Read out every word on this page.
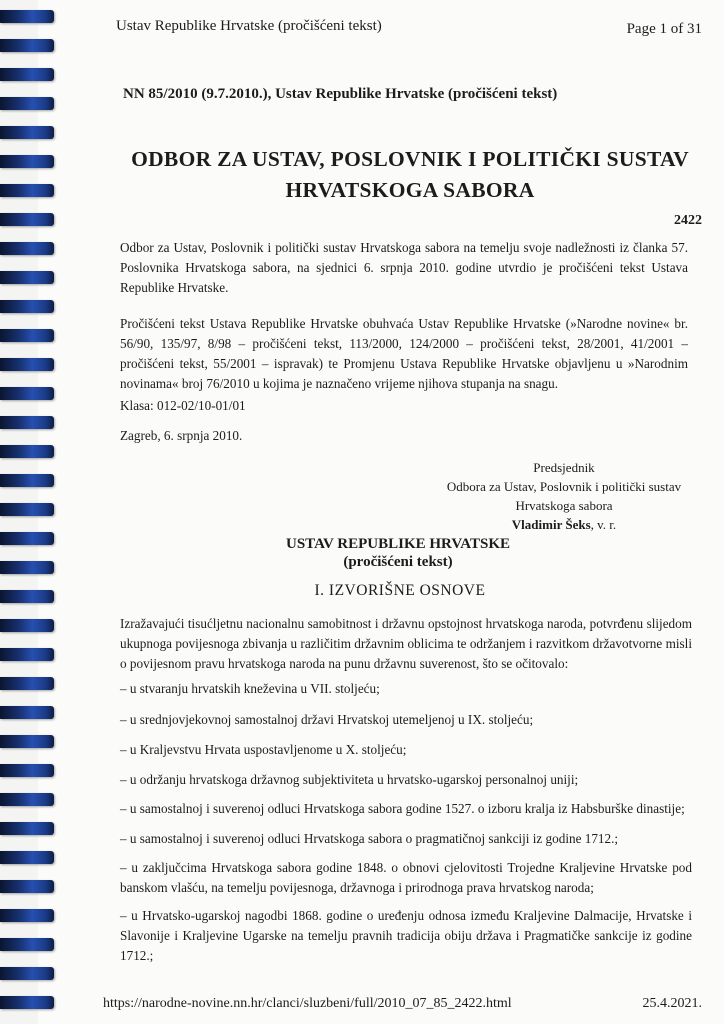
Ustav Republike Hrvatske (pročišćeni tekst)	Page 1 of 31
NN 85/2010 (9.7.2010.), Ustav Republike Hrvatske (pročišćeni tekst)
ODBOR ZA USTAV, POSLOVNIK I POLITIČKI SUSTAV
HRVATSKOGA SABORA
2422
Odbor za Ustav, Poslovnik i politički sustav Hrvatskoga sabora na temelju svoje nadležnosti iz članka 57. Poslovnika Hrvatskoga sabora, na sjednici 6. srpnja 2010. godine utvrdio je pročišćeni tekst Ustava Republike Hrvatske.
Pročišćeni tekst Ustava Republike Hrvatske obuhvaća Ustav Republike Hrvatske (»Narodne novine« br. 56/90, 135/97, 8/98 – pročišćeni tekst, 113/2000, 124/2000 – pročišćeni tekst, 28/2001, 41/2001 – pročišćeni tekst, 55/2001 – ispravak) te Promjenu Ustava Republike Hrvatske objavljenu u »Narodnim novinama« broj 76/2010 u kojima je naznačeno vrijeme njihova stupanja na snagu.
Klasa: 012-02/10-01/01
Zagreb, 6. srpnja 2010.
Predsjednik
Odbora za Ustav, Poslovnik i politički sustav
Hrvatskoga sabora
Vladimir Šeks, v. r.
USTAV REPUBLIKE HRVATSKE
(pročišćeni tekst)
I. IZVORIŠNE OSNOVE
Izražavajući tisućljetnu nacionalnu samobitnost i državnu opstojnost hrvatskoga naroda, potvrđenu slijedom ukupnoga povijesnoga zbivanja u različitim državnim oblicima te održanjem i razvitkom državotvorne misli o povijesnom pravu hrvatskoga naroda na punu državnu suverenost, što se očitovalo:
– u stvaranju hrvatskih kneževina u VII. stoljeću;
– u srednjovjekovnoj samostalnoj državi Hrvatskoj utemeljenoj u IX. stoljeću;
– u Kraljevstvu Hrvata uspostavljenome u X. stoljeću;
– u održanju hrvatskoga državnog subjektiviteta u hrvatsko-ugarskoj personalnoj uniji;
– u samostalnoj i suverenoj odluci Hrvatskoga sabora godine 1527. o izboru kralja iz Habsburške dinastije;
– u samostalnoj i suverenoj odluci Hrvatskoga sabora o pragmatičnoj sankciji iz godine 1712.;
– u zaključcima Hrvatskoga sabora godine 1848. o obnovi cjelovitosti Trojedne Kraljevine Hrvatske pod banskom vlašću, na temelju povijesnoga, državnoga i prirodnoga prava hrvatskog naroda;
– u Hrvatsko-ugarskoj nagodbi 1868. godine o uređenju odnosa između Kraljevine Dalmacije, Hrvatske i Slavonije i Kraljevine Ugarske na temelju pravnih tradicija obiju država i Pragmatičke sankcije iz godine 1712.;
https://narodne-novine.nn.hr/clanci/sluzbeni/full/2010_07_85_2422.html	25.4.2021.
